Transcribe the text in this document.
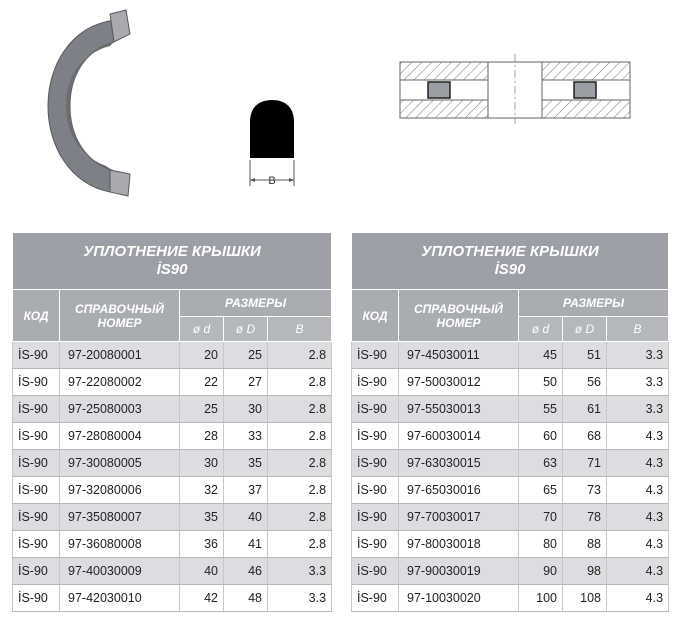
B
УПЛОТНЕНИЕ КРЫШКИ
İS90				

КОД	СПРАВОЧНЫЙ НОМЕР	РАЗМЕРЫ		
		ø d	ø D	B
İS-90	97-20080001	20	25	2.8
İS-90	97-22080002	22	27	2.8
İS-90	97-25080003	25	30	2.8
İS-90	97-28080004	28	33	2.8
İS-90	97-30080005	30	35	2.8
İS-90	97-32080006	32	37	2.8
İS-90	97-35080007	35	40	2.8
İS-90	97-36080008	36	41	2.8
İS-90	97-40030009	40	46	3.3
İS-90	97-42030010	42	48	3.3
УПЛОТНЕНИЕ КРЫШКИ
İS90				

КОД	СПРАВОЧНЫЙ НОМЕР	РАЗМЕРЫ		
		ø d	ø D	B
İS-90	97-45030011	45	51	3.3
İS-90	97-50030012	50	56	3.3
İS-90	97-55030013	55	61	3.3
İS-90	97-60030014	60	68	4.3
İS-90	97-63030015	63	71	4.3
İS-90	97-65030016	65	73	4.3
İS-90	97-70030017	70	78	4.3
İS-90	97-80030018	80	88	4.3
İS-90	97-90030019	90	98	4.3
İS-90	97-10030020	100	108	4.3
